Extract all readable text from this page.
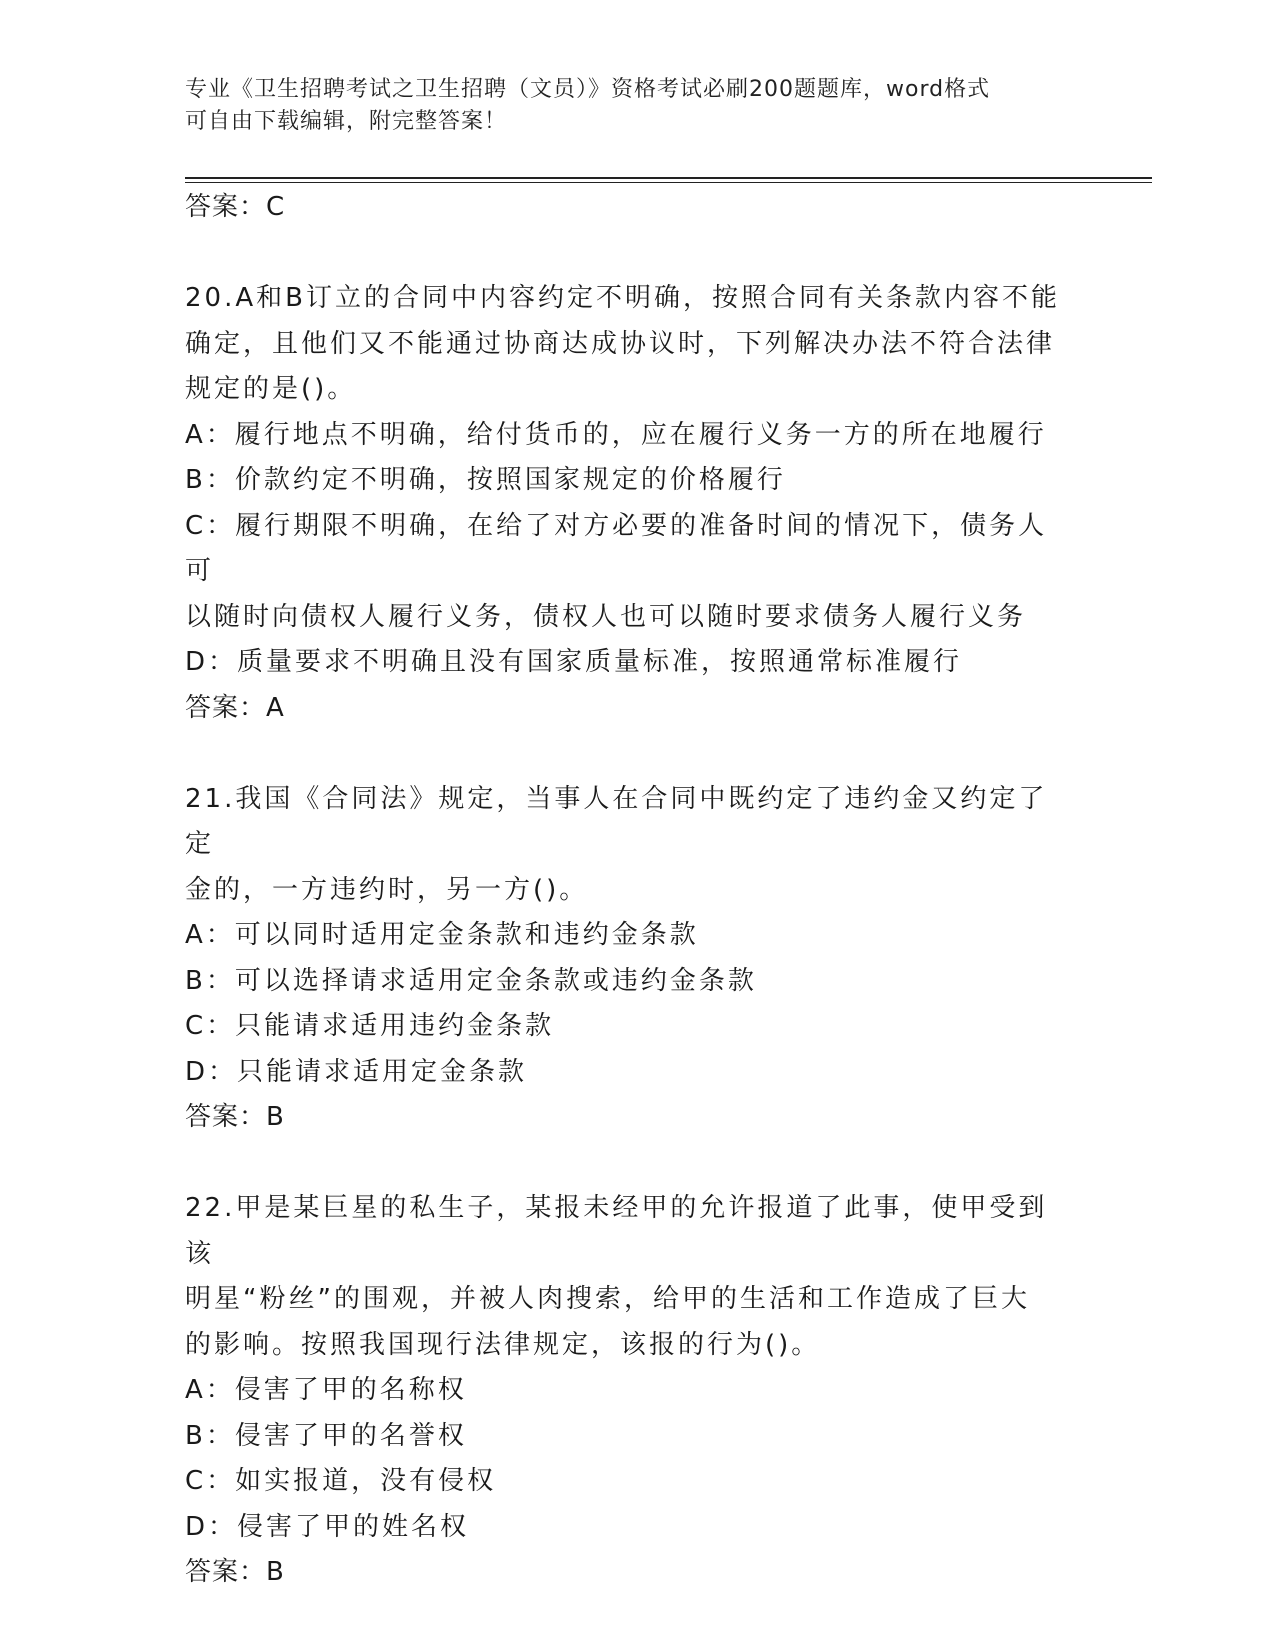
专业《卫生招聘考试之卫生招聘（文员）》资格考试必刷200题题库，word格式
可自由下载编辑，附完整答案！
答案：C
20.A和B订立的合同中内容约定不明确，按照合同有关条款内容不能
确定，且他们又不能通过协商达成协议时，下列解决办法不符合法律
规定的是()。
A：履行地点不明确，给付货币的，应在履行义务一方的所在地履行
B：价款约定不明确，按照国家规定的价格履行
C：履行期限不明确，在给了对方必要的准备时间的情况下，债务人可
以随时向债权人履行义务，债权人也可以随时要求债务人履行义务
D：质量要求不明确且没有国家质量标准，按照通常标准履行
答案：A
21.我国《合同法》规定，当事人在合同中既约定了违约金又约定了定
金的，一方违约时，另一方()。
A：可以同时适用定金条款和违约金条款
B：可以选择请求适用定金条款或违约金条款
C：只能请求适用违约金条款
D：只能请求适用定金条款
答案：B
22.甲是某巨星的私生子，某报未经甲的允许报道了此事，使甲受到该
明星“粉丝”的围观，并被人肉搜索，给甲的生活和工作造成了巨大
的影响。按照我国现行法律规定，该报的行为()。
A：侵害了甲的名称权
B：侵害了甲的名誉权
C：如实报道，没有侵权
D：侵害了甲的姓名权
答案：B
